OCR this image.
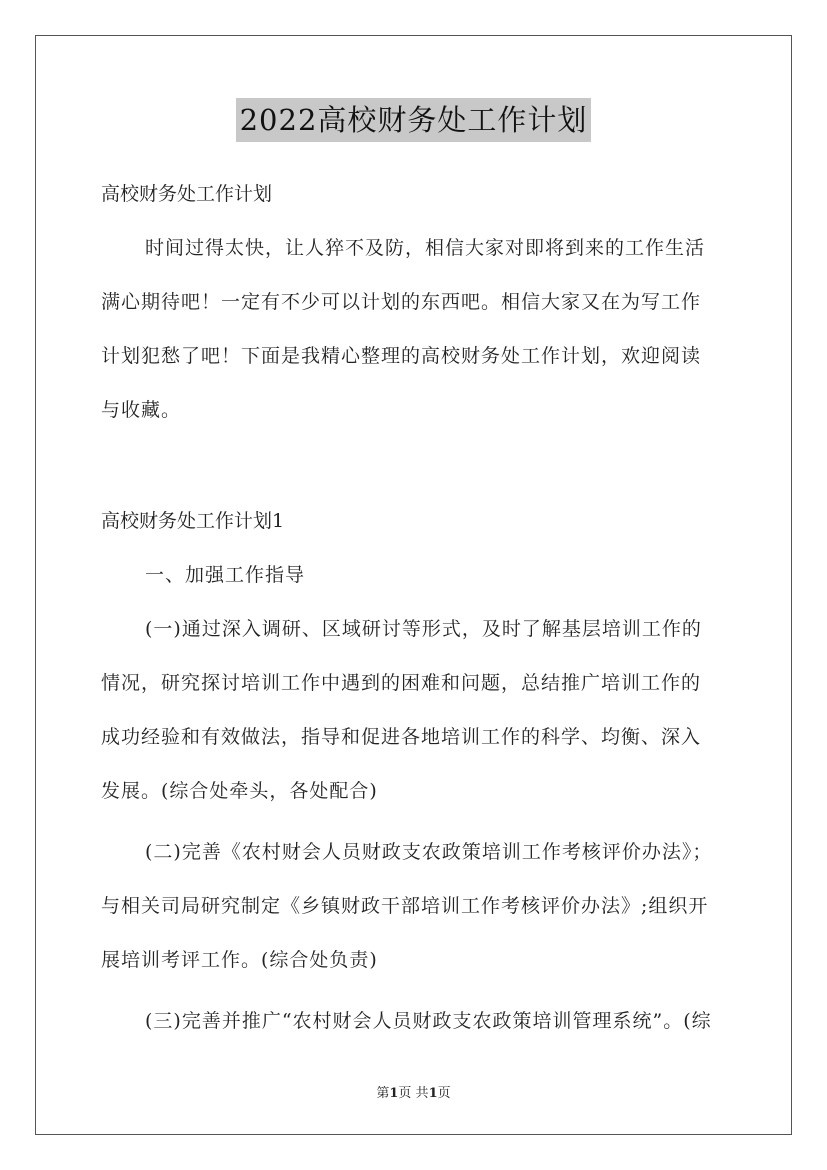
2022高校财务处工作计划
高校财务处工作计划
时间过得太快，让人猝不及防，相信大家对即将到来的工作生活
满心期待吧！一定有不少可以计划的东西吧。相信大家又在为写工作
计划犯愁了吧！下面是我精心整理的高校财务处工作计划，欢迎阅读
与收藏。
高校财务处工作计划1
一、加强工作指导
(一)通过深入调研、区域研讨等形式，及时了解基层培训工作的
情况，研究探讨培训工作中遇到的困难和问题，总结推广培训工作的
成功经验和有效做法，指导和促进各地培训工作的科学、均衡、深入
发展。(综合处牵头，各处配合)
(二)完善《农村财会人员财政支农政策培训工作考核评价办法》；
与相关司局研究制定《乡镇财政干部培训工作考核评价办法》;组织开
展培训考评工作。(综合处负责)
(三)完善并推广“农村财会人员财政支农政策培训管理系统”。(综
第1页 共1页
